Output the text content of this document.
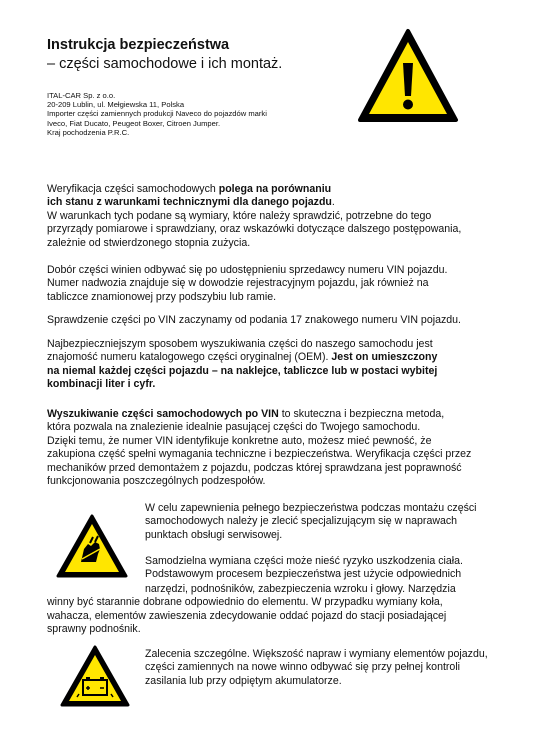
Instrukcja bezpieczeństwa
– części samochodowe i ich montaż.
ITAL-CAR Sp. z o.o.
20-209 Lublin, ul. Mełgiewska 11, Polska
Importer części zamiennych produkcji Naveco do pojazdów marki
Iveco, Fiat Ducato, Peugeot Boxer, Citroen Jumper.
Kraj pochodzenia P.R.C.
Weryfikacja części samochodowych polega na porównaniu
ich stanu z warunkami technicznymi dla danego pojazdu.
W warunkach tych podane są wymiary, które należy sprawdzić, potrzebne do tego
przyrządy pomiarowe i sprawdziany, oraz wskazówki dotyczące dalszego postępowania,
zależnie od stwierdzonego stopnia zużycia.
Dobór części winien odbywać się po udostępnieniu sprzedawcy numeru VIN pojazdu.
Numer nadwozia znajduje się w dowodzie rejestracyjnym pojazdu, jak również na
tabliczce znamionowej przy podszybiu lub ramie.
Sprawdzenie części po VIN zaczynamy od podania 17 znakowego numeru VIN pojazdu.
Najbezpieczniejszym sposobem wyszukiwania części do naszego samochodu jest
znajomość numeru katalogowego części oryginalnej (OEM). Jest on umieszczony
na niemal każdej części pojazdu – na naklejce, tabliczce lub w postaci wybitej
kombinacji liter i cyfr.
Wyszukiwanie części samochodowych po VIN to skuteczna i bezpieczna metoda,
która pozwala na znalezienie idealnie pasującej części do Twojego samochodu.
Dzięki temu, że numer VIN identyfikuje konkretne auto, możesz mieć pewność, że
zakupiona część spełni wymagania techniczne i bezpieczeństwa. Weryfikacja części przez
mechaników przed demontażem z pojazdu, podczas której sprawdzana jest poprawność
funkcjonowania poszczególnych podzespołów.
W celu zapewnienia pełnego bezpieczeństwa podczas montażu części
samochodowych należy je zlecić specjalizującym się w naprawach
punktach obsługi serwisowej.
Samodzielna wymiana części może nieść ryzyko uszkodzenia ciała.
Podstawowym procesem bezpieczeństwa jest użycie odpowiednich
narzędzi, podnośników, zabezpieczenia wzroku i głowy. Narzędzia
winny być starannie dobrane odpowiednio do elementu. W przypadku wymiany koła,
wahacza, elementów zawieszenia zdecydowanie oddać pojazd do stacji posiadającej
sprawny podnośnik.
Zalecenia szczególne. Większość napraw i wymiany elementów pojazdu,
części zamiennych na nowe winno odbywać się przy pełnej kontroli
zasilania lub przy odpiętym akumulatorze.
